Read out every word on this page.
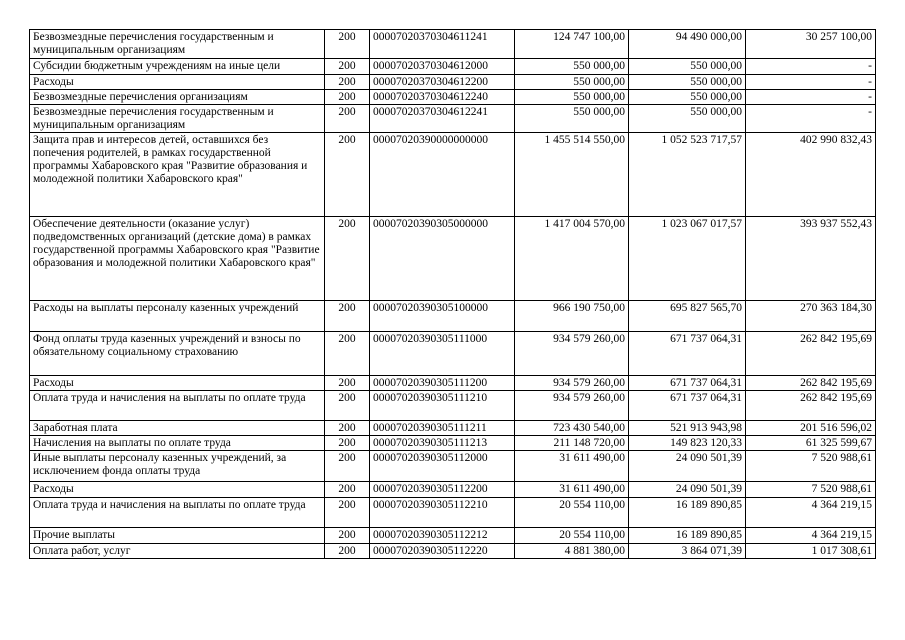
Безвозмездные перечисления государственным и муниципальным организациям	200	00007020370304611241	124 747 100,00	94 490 000,00	30 257 100,00
Субсидии бюджетным учреждениям на иные цели	200	00007020370304612000	550 000,00	550 000,00	-
Расходы	200	00007020370304612200	550 000,00	550 000,00	-
Безвозмездные перечисления организациям	200	00007020370304612240	550 000,00	550 000,00	-
Безвозмездные перечисления государственным и муниципальным организациям	200	00007020370304612241	550 000,00	550 000,00	-
Защита прав и интересов детей, оставшихся без попечения родителей, в рамках государственной программы Хабаровского края "Развитие образования и молодежной политики Хабаровского края"	200	00007020390000000000	1 455 514 550,00	1 052 523 717,57	402 990 832,43
Обеспечение деятельности (оказание услуг) подведомственных организаций (детские дома) в рамках государственной программы Хабаровского края "Развитие образования и молодежной политики Хабаровского края"	200	00007020390305000000	1 417 004 570,00	1 023 067 017,57	393 937 552,43
Расходы на выплаты персоналу казенных учреждений	200	00007020390305100000	966 190 750,00	695 827 565,70	270 363 184,30
Фонд оплаты труда казенных учреждений и взносы по обязательному социальному страхованию	200	00007020390305111000	934 579 260,00	671 737 064,31	262 842 195,69
Расходы	200	00007020390305111200	934 579 260,00	671 737 064,31	262 842 195,69
Оплата труда и начисления на выплаты по оплате труда	200	00007020390305111210	934 579 260,00	671 737 064,31	262 842 195,69
Заработная плата	200	00007020390305111211	723 430 540,00	521 913 943,98	201 516 596,02
Начисления на выплаты по оплате труда	200	00007020390305111213	211 148 720,00	149 823 120,33	61 325 599,67
Иные выплаты персоналу казенных учреждений, за исключением фонда оплаты труда	200	00007020390305112000	31 611 490,00	24 090 501,39	7 520 988,61
Расходы	200	00007020390305112200	31 611 490,00	24 090 501,39	7 520 988,61
Оплата труда и начисления на выплаты по оплате труда	200	00007020390305112210	20 554 110,00	16 189 890,85	4 364 219,15
Прочие выплаты	200	00007020390305112212	20 554 110,00	16 189 890,85	4 364 219,15
Оплата работ, услуг	200	00007020390305112220	4 881 380,00	3 864 071,39	1 017 308,61
